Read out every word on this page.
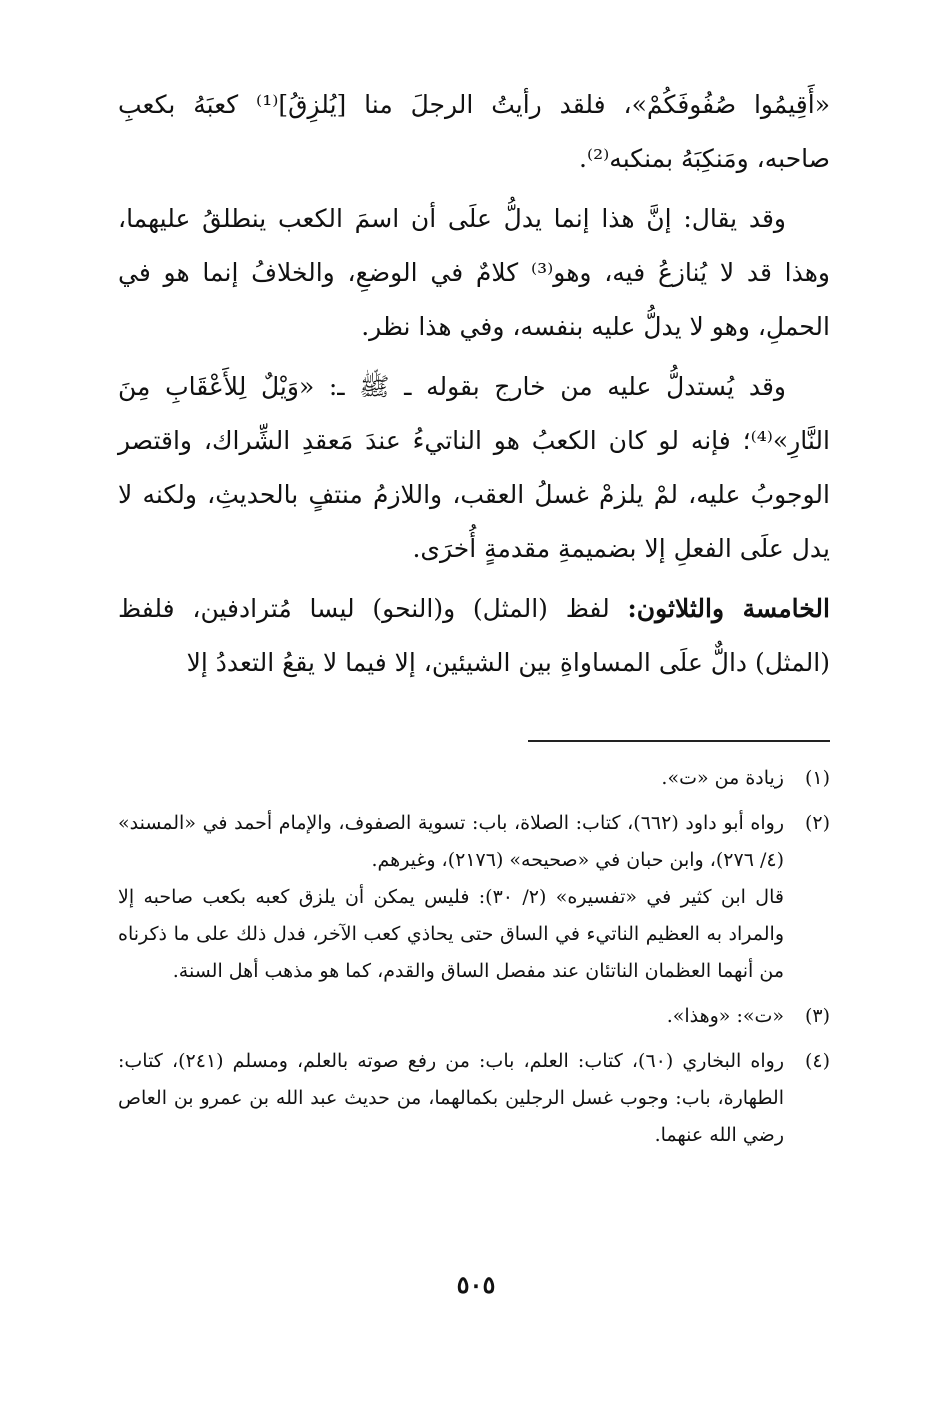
«أَقِيمُوا صُفُوفَكُمْ»، فلقد رأيتُ الرجلَ منا [يُلزِقُ]⁽¹⁾ كعبَهُ بكعبِ صاحبه، ومَنكِبَهُ بمنكبه⁽²⁾.

وقد يقال: إنَّ هذا إنما يدلُّ علَى أن اسمَ الكعب ينطلقُ عليهما، وهذا قد لا يُنازعُ فيه، وهو⁽³⁾ كلامٌ في الوضعِ، والخلافُ إنما هو في الحملِ، وهو لا يدلُّ عليه بنفسه، وفي هذا نظر.

وقد يُستدلُّ عليه من خارج بقوله ـ ﷺ ـ: «وَيْلٌ لِلأَعْقَابِ مِنَ النَّارِ»⁽⁴⁾؛ فإنه لو كان الكعبُ هو الناتيءُ عندَ مَعقدِ الشِّراك، واقتصر الوجوبُ عليه، لمْ يلزمْ غسلُ العقب، واللازمُ منتفٍ بالحديثِ، ولكنه لا يدل علَى الفعلِ إلا بضميمةِ مقدمةٍ أُخرَى.

الخامسة والثلاثون: لفظ (المثل) و(النحو) ليسا مُترادفين، فلفظ (المثل) دالٌّ علَى المساواةِ بين الشيئين، إلا فيما لا يقعُ التعددُ إلا

(١)
زيادة من «ت».
(٢)
رواه أبو داود (٦٦٢)، كتاب: الصلاة، باب: تسوية الصفوف، والإمام أحمد في «المسند» (٤/ ٢٧٦)، وابن حبان في «صحيحه» (٢١٧٦)، وغيرهم.
قال ابن كثير في «تفسيره» (٢/ ٣٠): فليس يمكن أن يلزق كعبه بكعب صاحبه إلا والمراد به العظيم الناتيء في الساق حتى يحاذي كعب الآخر، فدل ذلك على ما ذكرناه من أنهما العظمان الناتئان عند مفصل الساق والقدم، كما هو مذهب أهل السنة.
(٣)
«ت»: «وهذا».
(٤)
رواه البخاري (٦٠)، كتاب: العلم، باب: من رفع صوته بالعلم، ومسلم (٢٤١)، كتاب: الطهارة، باب: وجوب غسل الرجلين بكمالهما، من حديث عبد الله بن عمرو بن العاص رضي الله عنهما.
٥٠٥
